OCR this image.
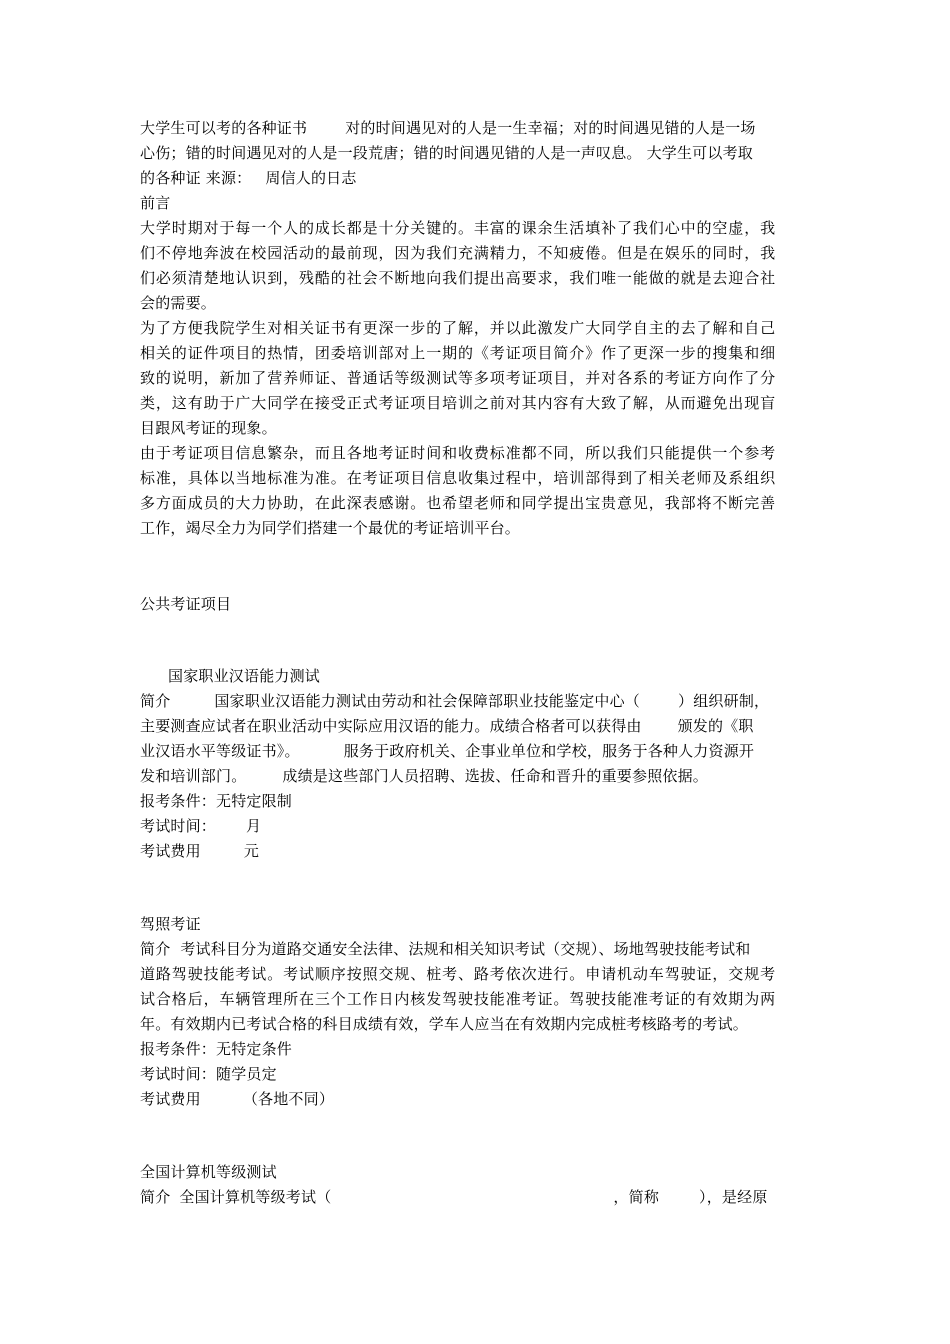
大学生可以考的各种证书	对的时间遇见对的人是一生幸福；对的时间遇见错的人是一场
心伤；错的时间遇见对的人是一段荒唐；错的时间遇见错的人是一声叹息。 大学生可以考取
的各种证 来源： 周信人的日志
前言
大学时期对于每一个人的成长都是十分关键的。丰富的课余生活填补了我们心中的空虚，我
们不停地奔波在校园活动的最前现，因为我们充满精力，不知疲倦。但是在娱乐的同时，我
们必须清楚地认识到，残酷的社会不断地向我们提出高要求，我们唯一能做的就是去迎合社
会的需要。
为了方便我院学生对相关证书有更深一步的了解，并以此激发广大同学自主的去了解和自己
相关的证件项目的热情，团委培训部对上一期的《考证项目简介》作了更深一步的搜集和细
致的说明，新加了营养师证、普通话等级测试等多项考证项目，并对各系的考证方向作了分
类，这有助于广大同学在接受正式考证项目培训之前对其内容有大致了解，从而避免出现盲
目跟风考证的现象。
由于考证项目信息繁杂，而且各地考证时间和收费标准都不同，所以我们只能提供一个参考
标准，具体以当地标准为准。在考证项目信息收集过程中，培训部得到了相关老师及系组织
多方面成员的大力协助，在此深表感谢。也希望老师和同学提出宝贵意见，我部将不断完善
工作，竭尽全力为同学们搭建一个最优的考证培训平台。
公共考证项目
国家职业汉语能力测试
简介	国家职业汉语能力测试由劳动和社会保障部职业技能鉴定中心（	）组织研制，
主要测查应试者在职业活动中实际应用汉语的能力。成绩合格者可以获得由 颁发的《职
业汉语水平等级证书》。	服务于政府机关、企事业单位和学校，服务于各种人力资源开
发和培训部门。 成绩是这些部门人员招聘、选拔、任命和晋升的重要参照依据。
报考条件：无特定限制
考试时间： 月
考试费用	元
驾照考证
简介  考试科目分为道路交通安全法律、法规和相关知识考试（交规）、场地驾驶技能考试和
道路驾驶技能考试。考试顺序按照交规、桩考、路考依次进行。申请机动车驾驶证，交规考
试合格后，车辆管理所在三个工作日内核发驾驶技能准考证。驾驶技能准考证的有效期为两
年。有效期内已考试合格的科目成绩有效，学车人应当在有效期内完成桩考核路考的考试。
报考条件：无特定条件
考试时间：随学员定
考试费用	（各地不同）
全国计算机等级测试
简介 全国计算机等级考试（	，简称	），是经原
